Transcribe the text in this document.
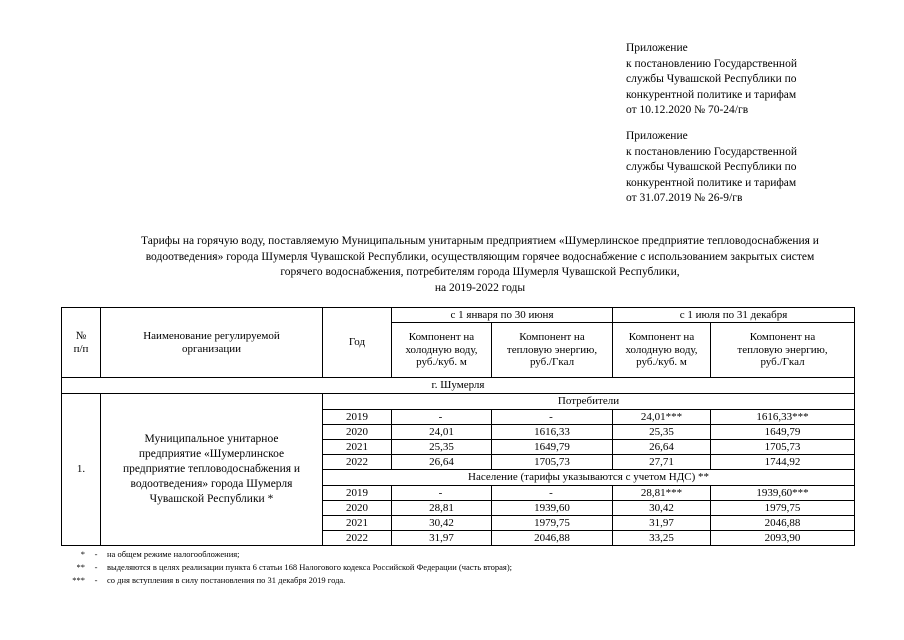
Приложение
к постановлению Государственной
службы Чувашской Республики по
конкурентной политике и тарифам
от 10.12.2020 № 70-24/гв
Приложение
к постановлению Государственной
службы Чувашской Республики по
конкурентной политике и тарифам
от 31.07.2019 № 26-9/гв
Тарифы на горячую воду, поставляемую Муниципальным унитарным предприятием «Шумерлинское предприятие тепловодоснабжения и
водоотведения» города Шумерля Чувашской Республики, осуществляющим горячее водоснабжение с использованием закрытых систем
горячего водоснабжения, потребителям города Шумерля Чувашской Республики,
на 2019-2022 годы
№
п/п	Наименование регулируемой
организации	Год	с 1 января по 30 июня		с 1 июля по 31 декабря	
			Компонент на
холодную воду,
руб./куб. м	Компонент на
тепловую энергию,
руб./Гкал	Компонент на
холодную воду,
руб./куб. м	Компонент на
тепловую энергию,
руб./Гкал
г. Шумерля						
1.	Муниципальное унитарное
предприятие «Шумерлинское
предприятие тепловодоснабжения и
водоотведения» города Шумерля
Чувашской Республики *	Потребители				
		2019	-	-	24,01***	1616,33***
		2020	24,01	1616,33	25,35	1649,79
		2021	25,35	1649,79	26,64	1705,73
		2022	26,64	1705,73	27,71	1744,92
		Население (тарифы указываются с учетом НДС) **				
		2019	-	-	28,81***	1939,60***
		2020	28,81	1939,60	30,42	1979,75
		2021	30,42	1979,75	31,97	2046,88
		2022	31,97	2046,88	33,25	2093,90
*	-	на общем режиме налогообложения;
**	-	выделяются в целях реализации пункта 6 статьи 168 Налогового кодекса Российской Федерации (часть вторая);
***	-	со дня вступления в силу постановления по 31 декабря 2019 года.
